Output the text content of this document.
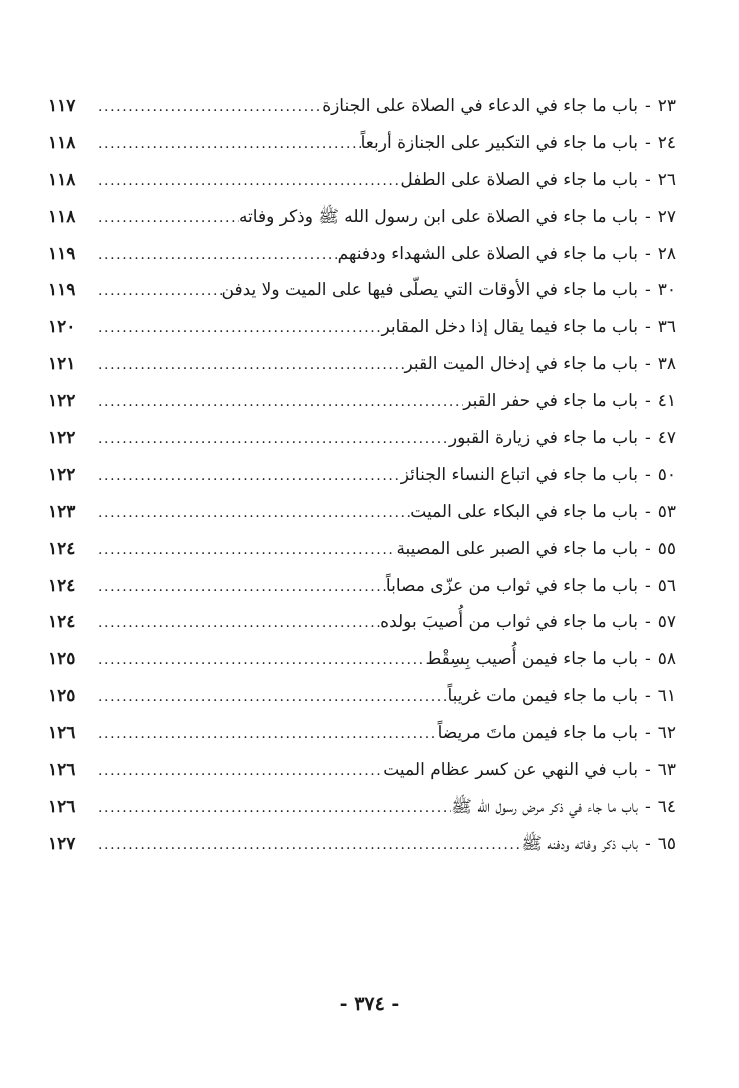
٢٣
-
باب ما جاء في الدعاء في الصلاة على الجنازة
.....
١١٧
٢٤
-
باب ما جاء في التكبير على الجنازة أربعاً
.....
١١٨
٢٦
-
باب ما جاء في الصلاة على الطفل
.....
١١٨
٢٧
-
باب ما جاء في الصلاة على ابن رسول الله ﷺ وذكر وفاته
.....
١١٨
٢٨
-
باب ما جاء في الصلاة على الشهداء ودفنهم
.....
١١٩
٣٠
-
باب ما جاء في الأوقات التي يصلّى فيها على الميت ولا يدفن
.....
١١٩
٣٦
-
باب ما جاء فيما يقال إذا دخل المقابر
.....
١٢٠
٣٨
-
باب ما جاء في إدخال الميت القبر
.....
١٢١
٤١
-
باب ما جاء في حفر القبر
.....
١٢٢
٤٧
-
باب ما جاء في زيارة القبور
.....
١٢٢
٥٠
-
باب ما جاء في اتباع النساء الجنائز
.....
١٢٢
٥٣
-
باب ما جاء في البكاء على الميت
.....
١٢٣
٥٥
-
باب ما جاء في الصبر على المصيبة
.....
١٢٤
٥٦
-
باب ما جاء في ثواب من عزّى مصاباً
.....
١٢٤
٥٧
-
باب ما جاء في ثواب من أُصيبَ بولده
.....
١٢٤
٥٨
-
باب ما جاء فيمن أُصيب بِسِقْط
.....
١٢٥
٦١
-
باب ما جاء فيمن مات غريباً
.....
١٢٥
٦٢
-
باب ما جاء فيمن ماتَ مريضاً
.....
١٢٦
٦٣
-
باب في النهي عن كسر عظام الميت
.....
١٢٦
٦٤
-
باب ما جاء في ذكر مرض رسول الله ﷺ
.....
١٢٦
٦٥
-
باب ذكر وفاته ودفنه ﷺ
.....
١٢٧
- ٣٧٤ -
